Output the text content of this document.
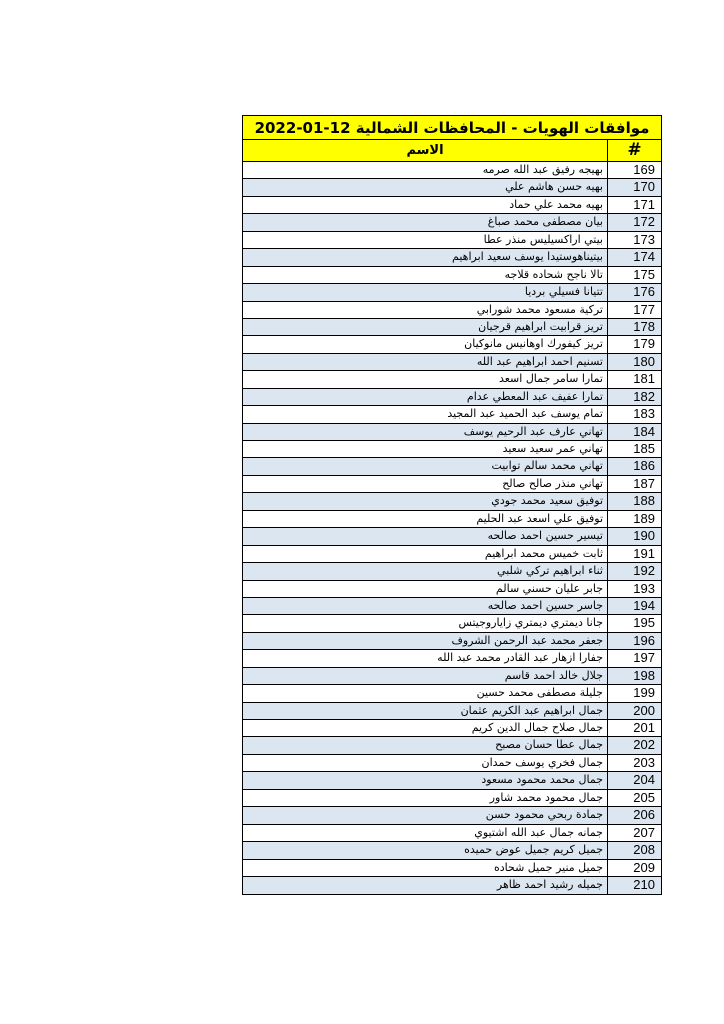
موافقات الهويات - المحافظات الشمالية 12-01-2022
الاسم	#
بهيجه رفيق عبد الله صرمه	169
بهيه حسن هاشم علي	170
بهيه محمد علي حماد	171
بيان مصطفى محمد صباغ	172
بيتي اراكسيليس منذر عطا	173
بيتيناهوستيدا يوسف سعيد ابراهيم	174
تالا ناجح شحاده قلاجه	175
تتيانا فسيلي برديا	176
تركية مسعود محمد شورابي	177
تريز قرابيت ابراهيم قرجيان	178
تريز كيفورك اوهانيس مانوكيان	179
تسنيم احمد ابراهيم عبد الله	180
تمارا سامر جمال اسعد	181
تمارا عفيف عبد المعطي عدام	182
تمام يوسف عبد الحميد عبد المجيد	183
تهاني عارف عبد الرحيم يوسف	184
تهاني عمر سعيد سعيد	185
تهاني محمد سالم توابيت	186
تهاني منذر صالح صالح	187
توفيق سعيد محمد جودي	188
توفيق علي اسعد عبد الحليم	189
تيسير حسين احمد صالحه	190
ثابت خميس محمد ابراهيم	191
ثناء ابراهيم تركي شلبي	192
جابر عليان حسني سالم	193
جاسر حسين احمد صالحه	194
جانا ديمتري ديمتري زاياروجيتس	195
جعفر محمد عبد الرحمن الشروف	196
جفارا ازهار عبد القادر محمد عبد الله	197
جلال خالد احمد قاسم	198
جليلة مصطفى محمد حسين	199
جمال ابراهيم عبد الكريم عثمان	200
جمال صلاح جمال الدين كريم	201
جمال عطا حسان مصبح	202
جمال فخري يوسف حمدان	203
جمال محمد محمود مسعود	204
جمال محمود محمد شاور	205
جمادة ربحي محمود حسن	206
جمانه جمال عبد الله اشتيوي	207
جميل كريم جميل عوض حميده	208
جميل منير جميل شحاده	209
جميله رشيد احمد ظاهر	210
